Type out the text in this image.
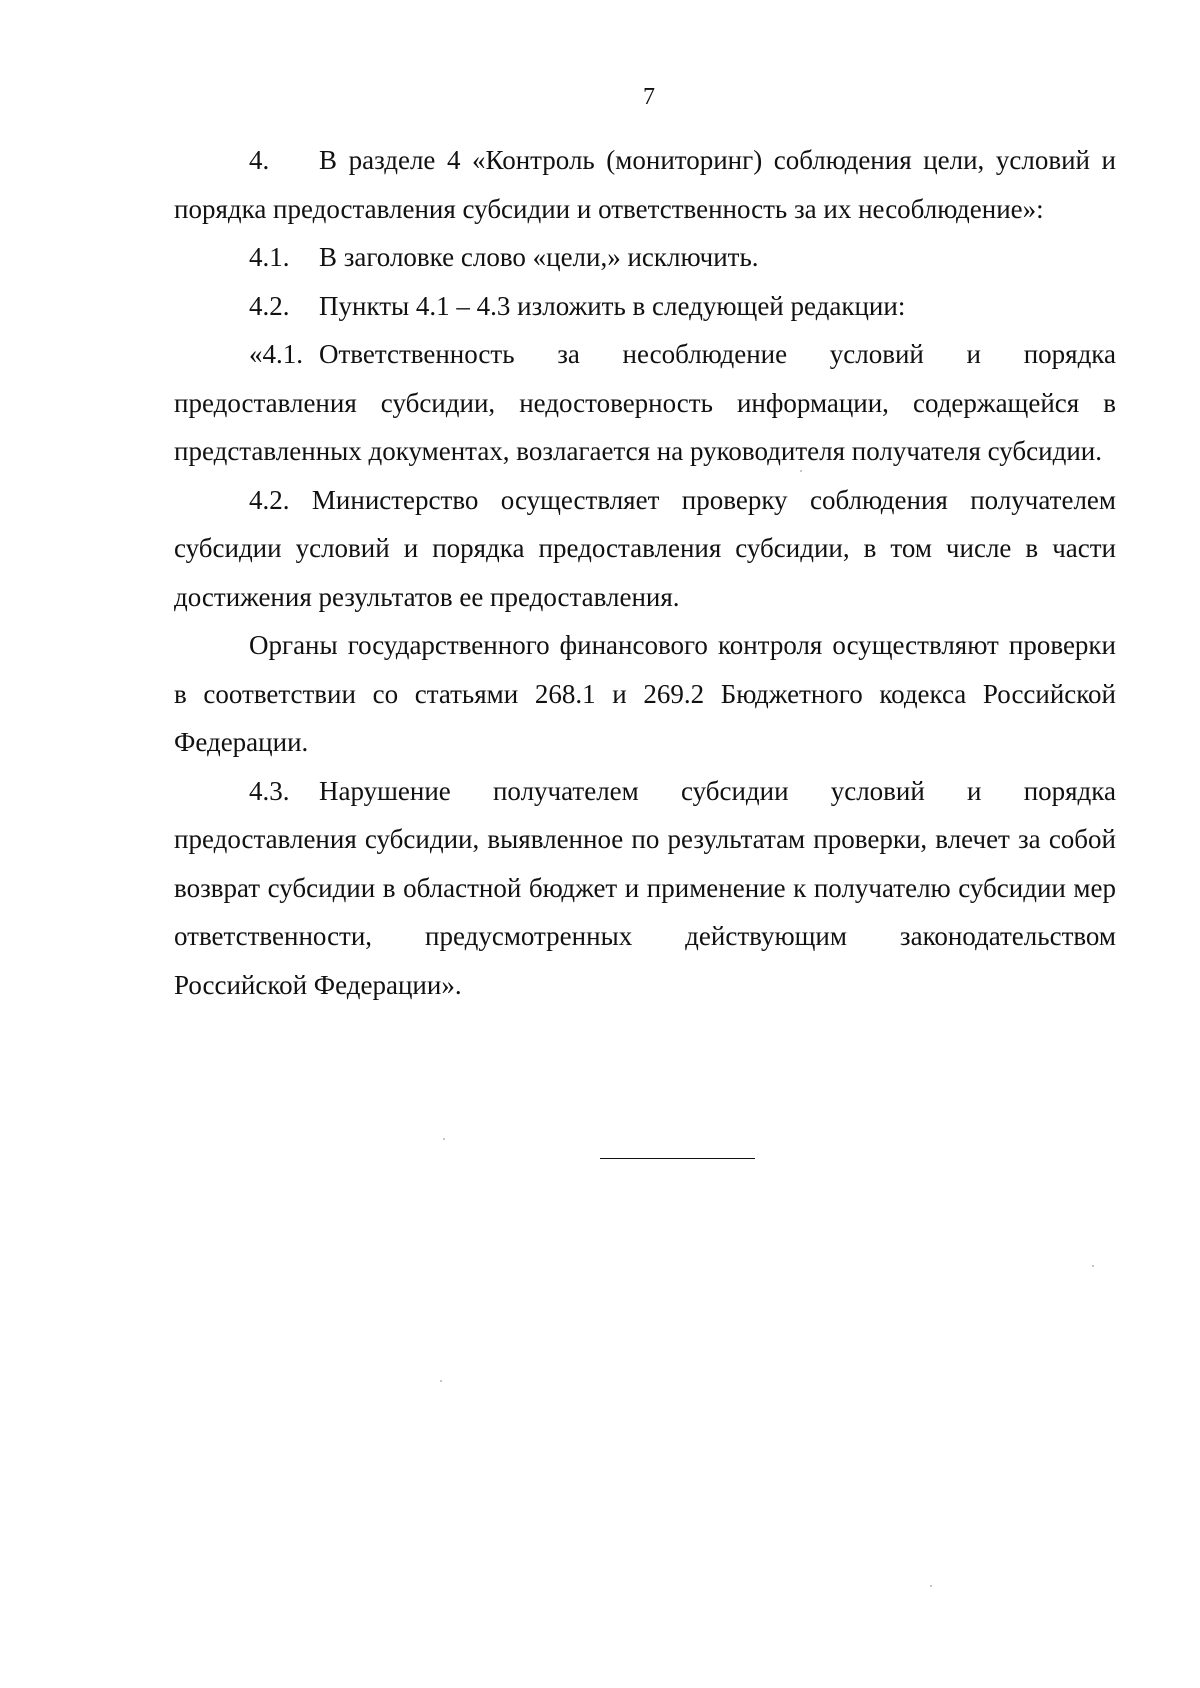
7

4. В разделе 4 «Контроль (мониторинг) соблюдения цели, условий и порядка предоставления субсидии и ответственность за их несоблюдение»:

4.1. В заголовке слово «цели,» исключить.

4.2. Пункты 4.1 – 4.3 изложить в следующей редакции:

«4.1. Ответственность за несоблюдение условий и порядка предоставления субсидии, недостоверность информации, содержащейся в представленных документах, возлагается на руководителя получателя субсидии.

4.2. Министерство осуществляет проверку соблюдения получателем субсидии условий и порядка предоставления субсидии, в том числе в части достижения результатов ее предоставления.

Органы государственного финансового контроля осуществляют проверки в соответствии со статьями 268.1 и 269.2 Бюджетного кодекса Российской Федерации.

4.3. Нарушение получателем субсидии условий и порядка предоставления субсидии, выявленное по результатам проверки, влечет за собой возврат субсидии в областной бюджет и применение к получателю субсидии мер ответственности, предусмотренных действующим законодательством Российской Федерации».
